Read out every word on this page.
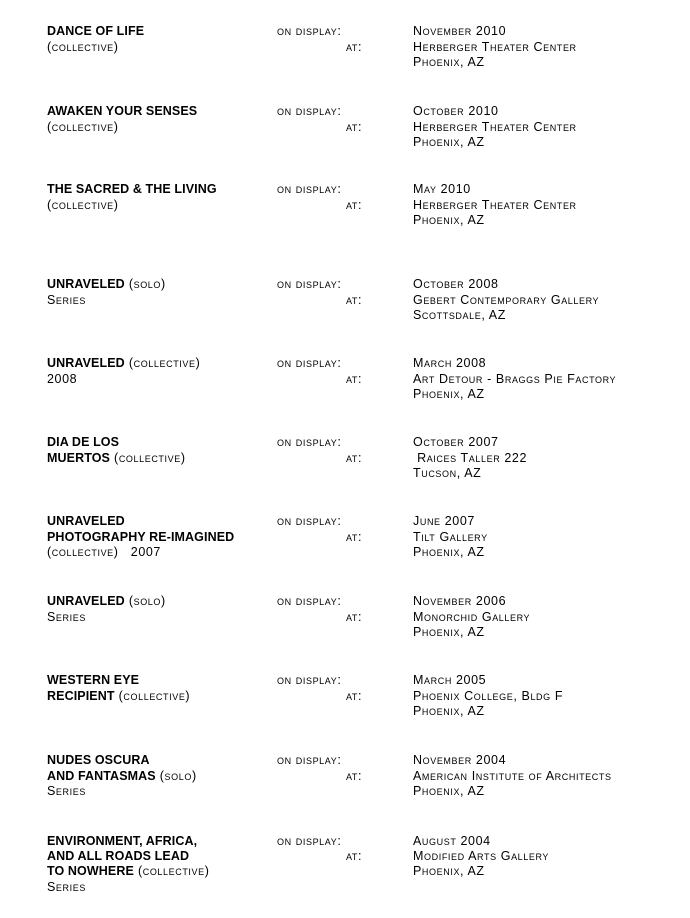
DANCE OF LIFE
(collective)
on display:
at:
November 2010
Herberger Theater Center
Phoenix, AZ
AWAKEN YOUR SENSES
(collective)
on display:
at:
October 2010
Herberger Theater Center
Phoenix, AZ
THE SACRED & THE LIVING
(collective)
on display:
at:
May 2010
Herberger Theater Center
Phoenix, AZ
UNRAVELED (solo)
Series
on display:
at:
October 2008
Gebert Contemporary Gallery
Scottsdale, AZ
UNRAVELED (collective)
2008
on display:
at:
March 2008
Art Detour - Braggs Pie Factory
Phoenix, AZ
DIA DE LOS
MUERTOS (collective)
on display:
at:
October 2007
Raices Taller 222
Tucson, AZ
UNRAVELED
PHOTOGRAPHY RE-IMAGINED
(collective)   2007
on display:
at:
June 2007
Tilt Gallery
Phoenix, AZ
UNRAVELED (solo)
Series
on display:
at:
November 2006
Monorchid Gallery
Phoenix, AZ
WESTERN EYE
RECIPIENT (collective)
on display:
at:
March 2005
Phoenix College, Bldg F
Phoenix, AZ
NUDES OSCURA
AND FANTASMAS (solo)
Series
on display:
at:
November 2004
American Institute of Architects
Phoenix, AZ
ENVIRONMENT, AFRICA,
AND ALL ROADS LEAD
TO NOWHERE (collective)
Series
on display:
at:
August 2004
Modified Arts Gallery
Phoenix, AZ
